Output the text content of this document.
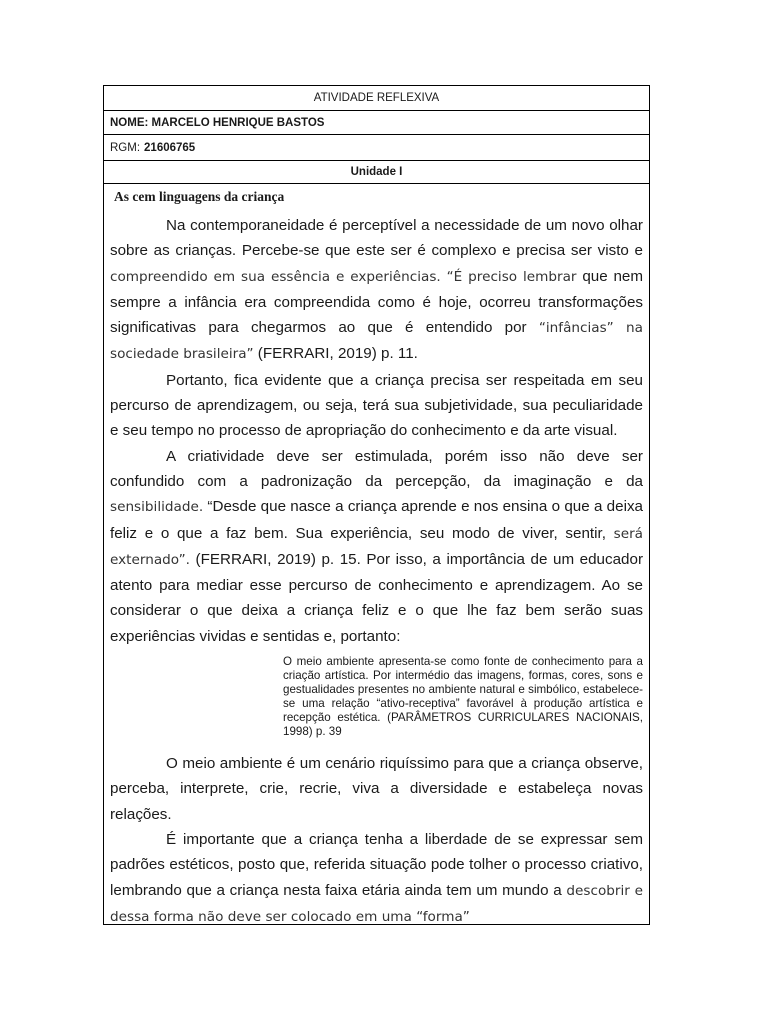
ATIVIDADE REFLEXIVA
NOME: MARCELO HENRIQUE BASTOS
RGM: 21606765
Unidade I
As cem linguagens da criança

Na contemporaneidade é perceptível a necessidade de um novo olhar sobre as crianças. Percebe-se que este ser é complexo e precisa ser visto e compreendido em sua essência e experiências. “É preciso lembrar que nem sempre a infância era compreendida como é hoje, ocorreu transformações significativas para chegarmos ao que é entendido por “infâncias” na sociedade brasileira” (FERRARI, 2019) p. 11.

Portanto, fica evidente que a criança precisa ser respeitada em seu percurso de aprendizagem, ou seja, terá sua subjetividade, sua peculiaridade e seu tempo no processo de apropriação do conhecimento e da arte visual.

A criatividade deve ser estimulada, porém isso não deve ser confundido com a padronização da percepção, da imaginação e da sensibilidade. “Desde que nasce a criança aprende e nos ensina o que a deixa feliz e o que a faz bem. Sua experiência, seu modo de viver, sentir, será externado”. (FERRARI, 2019) p. 15. Por isso, a importância de um educador atento para mediar esse percurso de conhecimento e aprendizagem. Ao se considerar o que deixa a criança feliz e o que lhe faz bem serão suas experiências vividas e sentidas e, portanto:

O meio ambiente apresenta-se como fonte de conhecimento para a criação artística. Por intermédio das imagens, formas, cores, sons e gestualidades presentes no ambiente natural e simbólico, estabelece-se uma relação “ativo-receptiva” favorável à produção artística e recepção estética. (PARÂMETROS CURRICULARES NACIONAIS, 1998) p. 39

O meio ambiente é um cenário riquíssimo para que a criança observe, perceba, interprete, crie, recrie, viva a diversidade e estabeleça novas relações.

É importante que a criança tenha a liberdade de se expressar sem padrões estéticos, posto que, referida situação pode tolher o processo criativo, lembrando que a criança nesta faixa etária ainda tem um mundo a descobrir e dessa forma não deve ser colocado em uma “forma”
